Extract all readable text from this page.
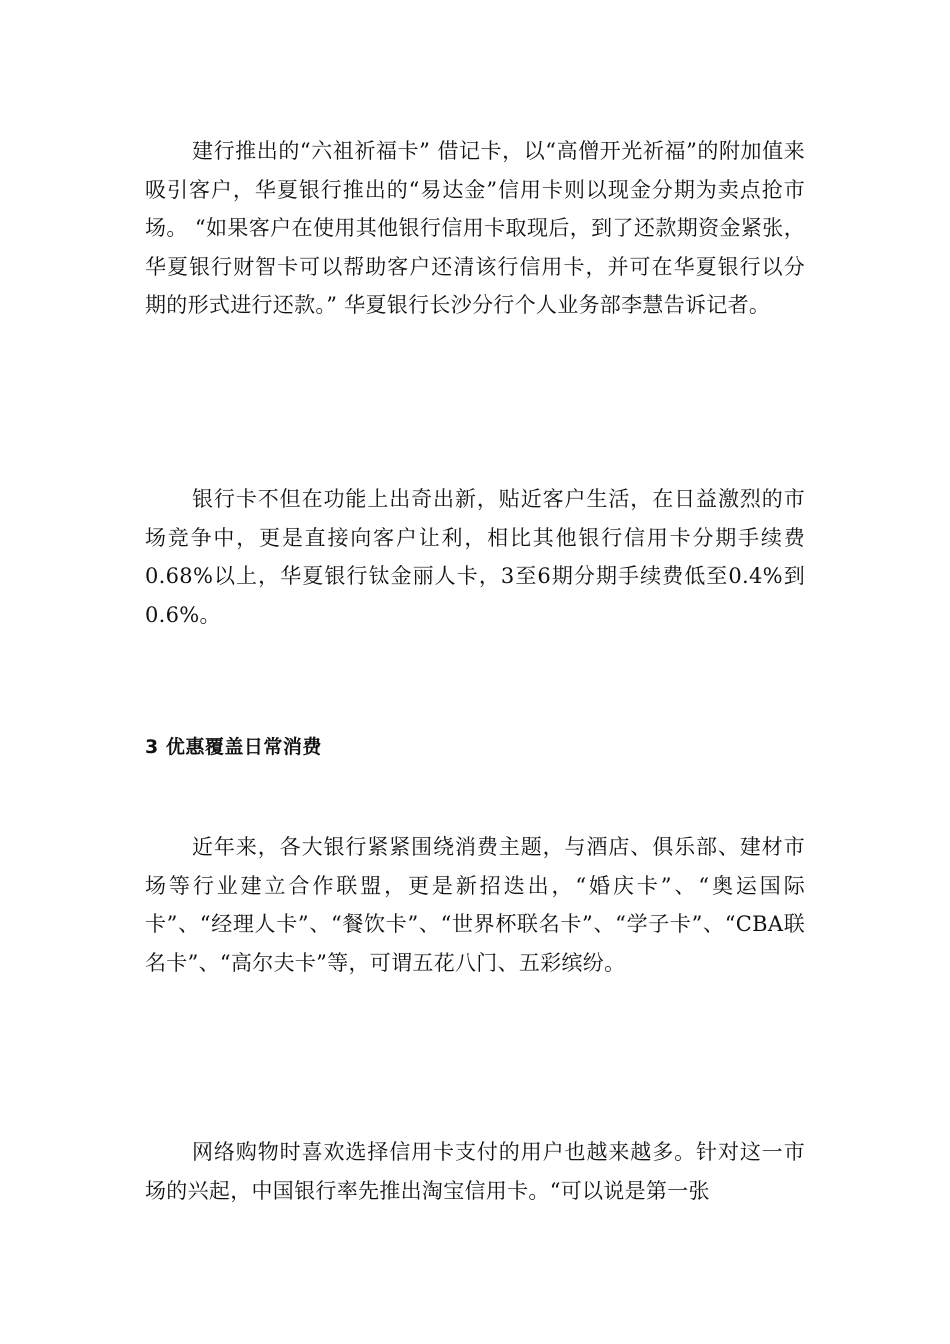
建行推出的“六祖祈福卡” 借记卡，以“高僧开光祈福”的附加值来吸引客户，华夏银行推出的“易达金”信用卡则以现金分期为卖点抢市场。 “如果客户在使用其他银行信用卡取现后，到了还款期资金紧张，华夏银行财智卡可以帮助客户还清该行信用卡，并可在华夏银行以分期的形式进行还款。” 华夏银行长沙分行个人业务部李慧告诉记者。

银行卡不但在功能上出奇出新，贴近客户生活，在日益激烈的市场竞争中，更是直接向客户让利，相比其他银行信用卡分期手续费0.68%以上，华夏银行钛金丽人卡，3至6期分期手续费低至0.4%到0.6%。

3 优惠覆盖日常消费

近年来，各大银行紧紧围绕消费主题，与酒店、俱乐部、建材市场等行业建立合作联盟，更是新招迭出，“婚庆卡”、“奥运国际卡”、“经理人卡”、“餐饮卡”、“世界杯联名卡”、“学子卡”、“CBA联名卡”、“高尔夫卡”等，可谓五花八门、五彩缤纷。

网络购物时喜欢选择信用卡支付的用户也越来越多。针对这一市场的兴起，中国银行率先推出淘宝信用卡。“可以说是第一张
